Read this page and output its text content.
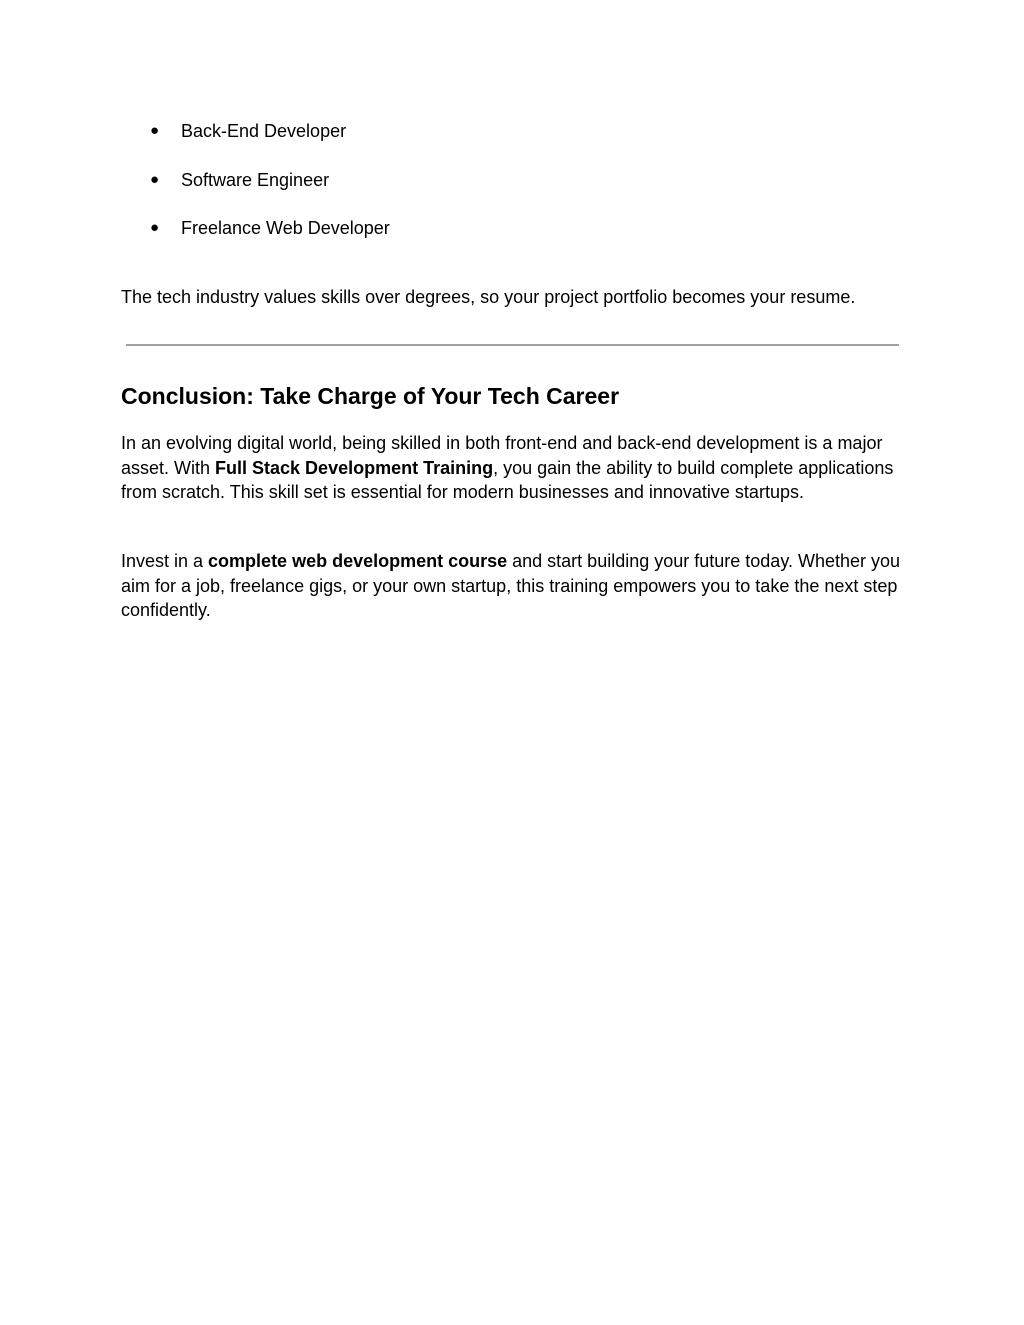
●	Back-End Developer
●	Software Engineer
●	Freelance Web Developer

The tech industry values skills over degrees, so your project portfolio becomes your resume.

Conclusion: Take Charge of Your Tech Career

In an evolving digital world, being skilled in both front-end and back-end development is a major asset. With Full Stack Development Training, you gain the ability to build complete applications from scratch. This skill set is essential for modern businesses and innovative startups.

Invest in a complete web development course and start building your future today. Whether you aim for a job, freelance gigs, or your own startup, this training empowers you to take the next step confidently.
